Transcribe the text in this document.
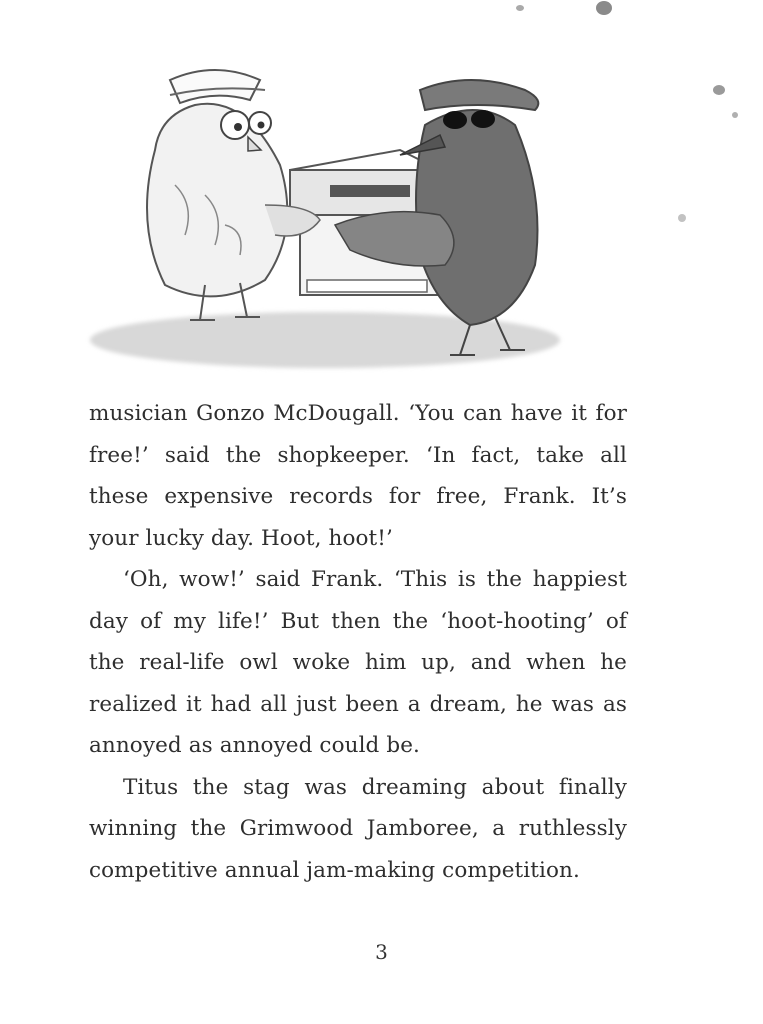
musician Gonzo McDougall. ‘You can have it for free!’ said the shopkeeper. ‘In fact, take all these expensive records for free, Frank. It’s your lucky day. Hoot, hoot!’

‘Oh, wow!’ said Frank. ‘This is the happiest day of my life!’ But then the ‘hoot-hooting’ of the real-life owl woke him up, and when he realized it had all just been a dream, he was as annoyed as annoyed could be.

Titus the stag was dreaming about finally winning the Grimwood Jamboree, a ruthlessly competitive annual jam-making competition.

3
